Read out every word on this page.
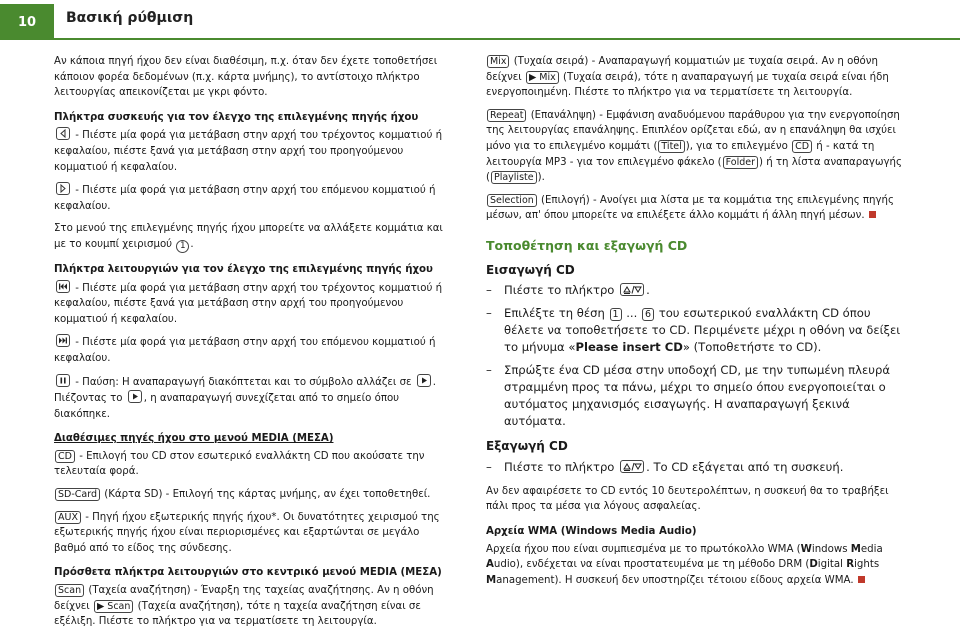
10	Βασική ρύθμιση

Αν κάποια πηγή ήχου δεν είναι διαθέσιμη, π.χ. όταν δεν έχετε τοποθετήσει κάποιον φορέα δεδομένων (π.χ. κάρτα μνήμης), το αντίστοιχο πλήκτρο λειτουργίας απεικονίζεται με γκρι φόντο.

Πλήκτρα συσκευής για τον έλεγχο της επιλεγμένης πηγής ήχου

- Πιέστε μία φορά για μετάβαση στην αρχή του τρέχοντος κομματιού ή κεφαλαίου, πιέστε ξανά για μετάβαση στην αρχή του προηγούμενου κομματιού ή κεφαλαίου.

- Πιέστε μία φορά για μετάβαση στην αρχή του επόμενου κομματιού ή κεφαλαίου.

Στο μενού της επιλεγμένης πηγής ήχου μπορείτε να αλλάξετε κομμάτια και με το κουμπί χειρισμού 1 .

Πλήκτρα λειτουργιών για τον έλεγχο της επιλεγμένης πηγής ήχου

- Πιέστε μία φορά για μετάβαση στην αρχή του τρέχοντος κομματιού ή κεφαλαίου, πιέστε ξανά για μετάβαση στην αρχή του προηγούμενου κομματιού ή κεφαλαίου.

- Πιέστε μία φορά για μετάβαση στην αρχή του επόμενου κομματιού ή κεφαλαίου.

- Παύση: Η αναπαραγωγή διακόπτεται και το σύμβολο αλλάζει σε
. Πιέζοντας το
, η αναπαραγωγή συνεχίζεται από το σημείο όπου διακόπηκε.

Διαθέσιμες πηγές ήχου στο μενού MEDIA (ΜΕΣΑ)

CD - Επιλογή του CD στον εσωτερικό εναλλάκτη CD που ακούσατε την τελευταία φορά.

SD-Card (Κάρτα SD) - Επιλογή της κάρτας μνήμης, αν έχει τοποθετηθεί.

AUX - Πηγή ήχου εξωτερικής πηγής ήχου*. Οι δυνατότητες χειρισμού της εξωτερικής πηγής ήχου είναι περιορισμένες και εξαρτώνται σε μεγάλο βαθμό από το είδος της σύνδεσης.

Πρόσθετα πλήκτρα λειτουργιών στο κεντρικό μενού MEDIA (ΜΕΣΑ)

Scan (Ταχεία αναζήτηση) - Έναρξη της ταχείας αναζήτησης. Αν η οθόνη δείχνει ▶ Scan (Ταχεία αναζήτηση), τότε η ταχεία αναζήτηση είναι σε εξέλιξη. Πιέστε το πλήκτρο για να τερματίσετε τη λειτουργία.

Mix (Τυχαία σειρά) - Αναπαραγωγή κομματιών με τυχαία σειρά. Αν η οθόνη δείχνει ▶ Mix (Τυχαία σειρά), τότε η αναπαραγωγή με τυχαία σειρά είναι ήδη ενεργοποιημένη. Πιέστε το πλήκτρο για να τερματίσετε τη λειτουργία.

Repeat (Επανάληψη) - Εμφάνιση αναδυόμενου παράθυρου για την ενεργοποίηση της λειτουργίας επανάληψης. Επιπλέον ορίζεται εδώ, αν η επανάληψη θα ισχύει μόνο για το επιλεγμένο κομμάτι ( Titel ), για το επιλεγμένο CD ή - κατά τη λειτουργία MP3 - για τον επιλεγμένο φάκελο ( Folder ) ή τη λίστα αναπαραγωγής ( Playliste ).

Selection (Επιλογή) - Ανοίγει μια λίστα με τα κομμάτια της επιλεγμένης πηγής μέσων, απ' όπου μπορείτε να επιλέξετε άλλο κομμάτι ή άλλη πηγή μέσων.

Τοποθέτηση και εξαγωγή CD
Εισαγωγή CD
–	Πιέστε το πλήκτρο
.
–	Επιλέξτε τη θέση 1 ... 6 του εσωτερικού εναλλάκτη CD όπου θέλετε να τοποθετήσετε το CD. Περιμένετε μέχρι η οθόνη να δείξει το μήνυμα «Please insert CD» (Τοποθετήστε το CD).
–	Σπρώξτε ένα CD μέσα στην υποδοχή CD, με την τυπωμένη πλευρά στραμμένη προς τα πάνω, μέχρι το σημείο όπου ενεργοποιείται ο αυτόματος μηχανισμός εισαγωγής. Η αναπαραγωγή ξεκινά αυτόματα.
Εξαγωγή CD
–	Πιέστε το πλήκτρο
. Το CD εξάγεται από τη συσκευή.

Αν δεν αφαιρέσετε το CD εντός 10 δευτερολέπτων, η συσκευή θα το τραβήξει πάλι προς τα μέσα για λόγους ασφαλείας.

Αρχεία WMA (Windows Media Audio)

Αρχεία ήχου που είναι συμπιεσμένα με το πρωτόκολλο WMA (Windows Media Audio), ενδέχεται να είναι προστατευμένα με τη μέθοδο DRM (Digital Rights Management). Η συσκευή δεν υποστηρίζει τέτοιου είδους αρχεία WMA.
